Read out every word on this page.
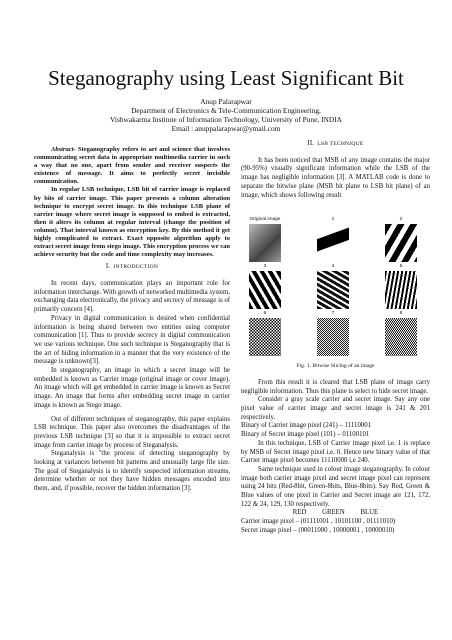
Steganography using Least Significant Bit
Anup Palarapwar
Department of Electronics & Tele-Communication Engineering,
Vishwakarma Institute of Information Technology, University of Pune, INDIA
Email : anuppalarapwar@ymail.com

Abstract- Steganography refers to art and science that involves communicating secret data in appropriate multimedia carrier in such a way that no one, apart from sender and receiver suspects the existence of message. It aims to perfectly secret invisible communication.

In regular LSB technique, LSB bit of carrier image is replaced by bits of carrier image. This paper presents a column alteration technique to encrypt secret image. In this technique LSB plane of carrier image where secret image is supposed to embed is extracted, then it alters its column at regular interval (change the position of column). That interval known as encryption key. By this method it get highly complicated to extract. Exact opposite algorithm apply to extract secret image from stego image. This encryption process we can achieve security but the code and time complexity may increases.

I. INTRODUCTION

In recent days, communication plays an important role for information interchange. With growth of networked multimedia system, exchanging data electronically, the privacy and secrecy of message is of primarily concern [4].

Privacy in digital communication is desired when confidential information is being shared between two entities using computer communication [1]. Thus to provide secrecy in digital communication we use various technique. One such technique is Steganography that is the art of hiding information in a manner that the very existence of the message is unknown[3].

In steganography, an image in which a secret image will be embedded is known as Carrier image (original image or cover image). An image which will get embedded in carrier image is known as Secret image. An image that forms after embedding secret image in carrier image is known as Stego image.

Out of different techniques of steganography, this paper explains LSB technique. This paper also overcomes the disadvantages of the previous LSB technique [3] so that it is impossible to extract secret image from carrier image by process of Steganalysis.

Steganalysis is "the process of detecting steganography by looking at variances between bit patterns and unusually large file size. The goal of Steganalysis is to identify suspected information streams, determine whether or not they have hidden messages encoded into them, and, if possible, recover the hidden information [3].

II. LSB TECHNIQUE

It has been noticed that MSB of any image contains the major (90-95%) visually significant information while the LSB of the image has negligible information [3]. A MATLAB code is done to separate the bitwise plane (MSB bit plane to LSB bit plane) of an image, which shows following result

Original image	1	2
3	4	5
6	7	8
Fig. 1. Bitwise Slicing of an image

From this result it is cleared that LSB plane of image carry negligible information. Thus this plane is select to hide secret image.

Consider a gray scale carrier and secret image. Say any one pixel value of carrier image and secret image is 241 & 201 respectively.

Binary of Carrier image pixel (241) – 11110001

Binary of Secret image pixel (101) – 01100101

In this technique, LSB of Carrier image pixel i,e. 1 is replace by MSB of Secret image pixel i,e. 0. Hence new binary value of that Carrier image pixel becomes 11110000 i,e 240.

Same technique used in colour image steganography. In colour image both carrier image pixel and secret image pixel can represent using 24 bits (Red-8bit, Green-8bits, Blue-8bits). Say Red, Green & Blue values of one pixel in Carrier and Secret image are 121, 172, 122 & 24, 129, 130 respectively.

RED GREEN BLUE

Carrier image pixel – (01111001 , 10101100 , 01111010)

Secret image pixel – (00011000 , 10000001 , 10000010)
